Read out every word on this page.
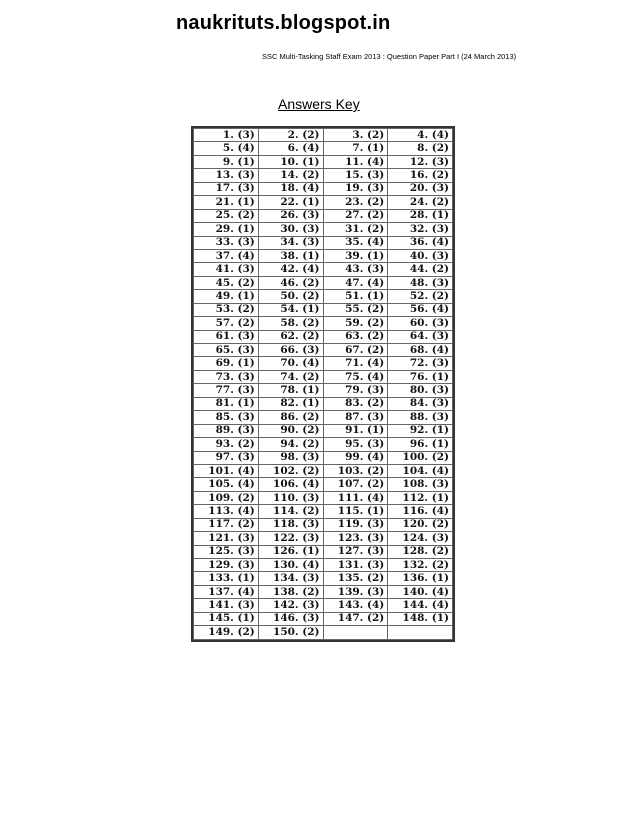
naukrituts.blogspot.in
SSC Multi-Tasking Staff Exam 2013 : Question Paper Part I (24 March 2013)
Answers Key
1. (3)	2. (2)	3. (2)	4. (4)
5. (4)	6. (4)	7. (1)	8. (2)
9. (1)	10. (1)	11. (4)	12. (3)
13. (3)	14. (2)	15. (3)	16. (2)
17. (3)	18. (4)	19. (3)	20. (3)
21. (1)	22. (1)	23. (2)	24. (2)
25. (2)	26. (3)	27. (2)	28. (1)
29. (1)	30. (3)	31. (2)	32. (3)
33. (3)	34. (3)	35. (4)	36. (4)
37. (4)	38. (1)	39. (1)	40. (3)
41. (3)	42. (4)	43. (3)	44. (2)
45. (2)	46. (2)	47. (4)	48. (3)
49. (1)	50. (2)	51. (1)	52. (2)
53. (2)	54. (1)	55. (2)	56. (4)
57. (2)	58. (2)	59. (2)	60. (3)
61. (3)	62. (2)	63. (2)	64. (3)
65. (3)	66. (3)	67. (2)	68. (4)
69. (1)	70. (4)	71. (4)	72. (3)
73. (3)	74. (2)	75. (4)	76. (1)
77. (3)	78. (1)	79. (3)	80. (3)
81. (1)	82. (1)	83. (2)	84. (3)
85. (3)	86. (2)	87. (3)	88. (3)
89. (3)	90. (2)	91. (1)	92. (1)
93. (2)	94. (2)	95. (3)	96. (1)
97. (3)	98. (3)	99. (4)	100. (2)
101. (4)	102. (2)	103. (2)	104. (4)
105. (4)	106. (4)	107. (2)	108. (3)
109. (2)	110. (3)	111. (4)	112. (1)
113. (4)	114. (2)	115. (1)	116. (4)
117. (2)	118. (3)	119. (3)	120. (2)
121. (3)	122. (3)	123. (3)	124. (3)
125. (3)	126. (1)	127. (3)	128. (2)
129. (3)	130. (4)	131. (3)	132. (2)
133. (1)	134. (3)	135. (2)	136. (1)
137. (4)	138. (2)	139. (3)	140. (4)
141. (3)	142. (3)	143. (4)	144. (4)
145. (1)	146. (3)	147. (2)	148. (1)
149. (2)	150. (2)		
